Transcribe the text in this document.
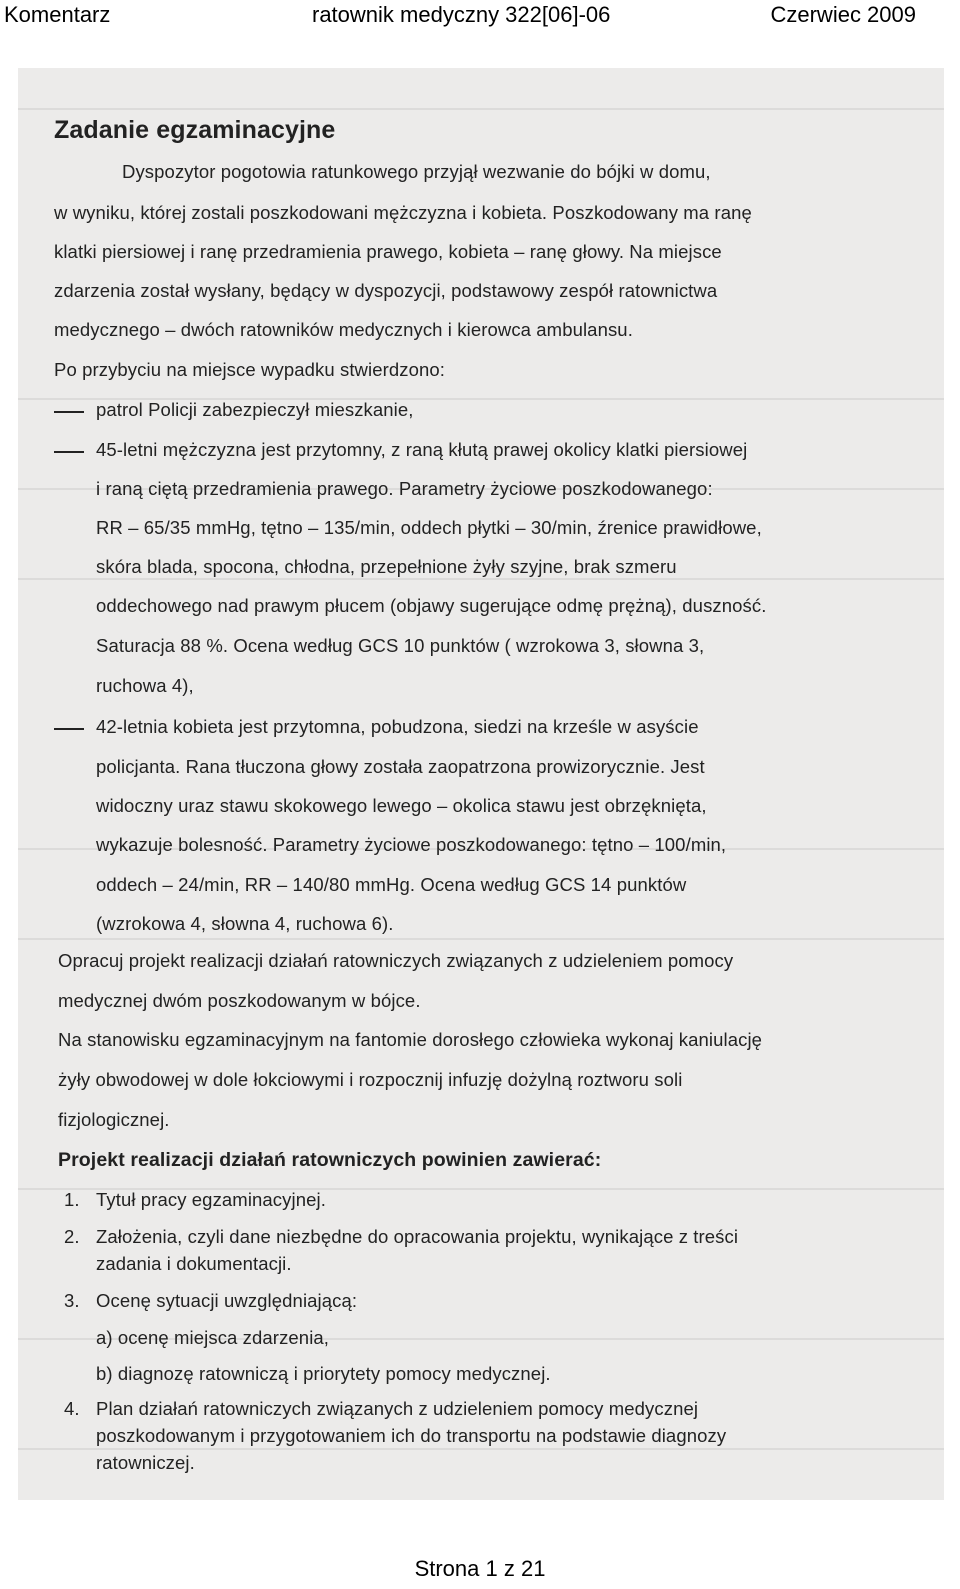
Komentarz	ratownik medyczny 322[06]-06	Czerwiec 2009
Zadanie egzaminacyjne
Dyspozytor pogotowia ratunkowego przyjął wezwanie do bójki w domu,
w wyniku, której zostali poszkodowani mężczyzna i kobieta. Poszkodowany ma ranę
klatki piersiowej i ranę przedramienia prawego, kobieta – ranę głowy. Na miejsce
zdarzenia został wysłany, będący w dyspozycji, podstawowy zespół ratownictwa
medycznego – dwóch ratowników medycznych i kierowca ambulansu.
Po przybyciu na miejsce wypadku stwierdzono:
patrol Policji zabezpieczył mieszkanie,
45-letni mężczyzna jest przytomny, z raną kłutą prawej okolicy klatki piersiowej
i raną ciętą przedramienia prawego. Parametry życiowe poszkodowanego:
RR – 65/35 mmHg, tętno – 135/min, oddech płytki – 30/min, źrenice prawidłowe,
skóra blada, spocona, chłodna, przepełnione żyły szyjne, brak szmeru
oddechowego nad prawym płucem (objawy sugerujące odmę prężną), duszność.
Saturacja 88 %. Ocena według GCS 10 punktów ( wzrokowa 3, słowna 3,
ruchowa 4),
42-letnia kobieta jest przytomna, pobudzona, siedzi na krześle w asyście
policjanta. Rana tłuczona głowy została zaopatrzona prowizorycznie. Jest
widoczny uraz stawu skokowego lewego – okolica stawu jest obrzęknięta,
wykazuje bolesność. Parametry życiowe poszkodowanego: tętno – 100/min,
oddech – 24/min, RR – 140/80 mmHg. Ocena według GCS 14 punktów
(wzrokowa 4, słowna 4, ruchowa 6).
Opracuj projekt realizacji działań ratowniczych związanych z udzieleniem pomocy
medycznej dwóm poszkodowanym w bójce.
Na stanowisku egzaminacyjnym na fantomie dorosłego człowieka wykonaj kaniulację
żyły obwodowej w dole łokciowymi i rozpocznij infuzję dożylną roztworu soli
fizjologicznej.
Projekt realizacji działań ratowniczych powinien zawierać:
1. Tytuł pracy egzaminacyjnej.
2. Założenia, czyli dane niezbędne do opracowania projektu, wynikające z treści
zadania i dokumentacji.
3. Ocenę sytuacji uwzględniającą:
a) ocenę miejsca zdarzenia,
b) diagnozę ratowniczą i priorytety pomocy medycznej.
4. Plan działań ratowniczych związanych z udzieleniem pomocy medycznej
poszkodowanym i przygotowaniem ich do transportu na podstawie diagnozy
ratowniczej.
Strona 1 z 21
